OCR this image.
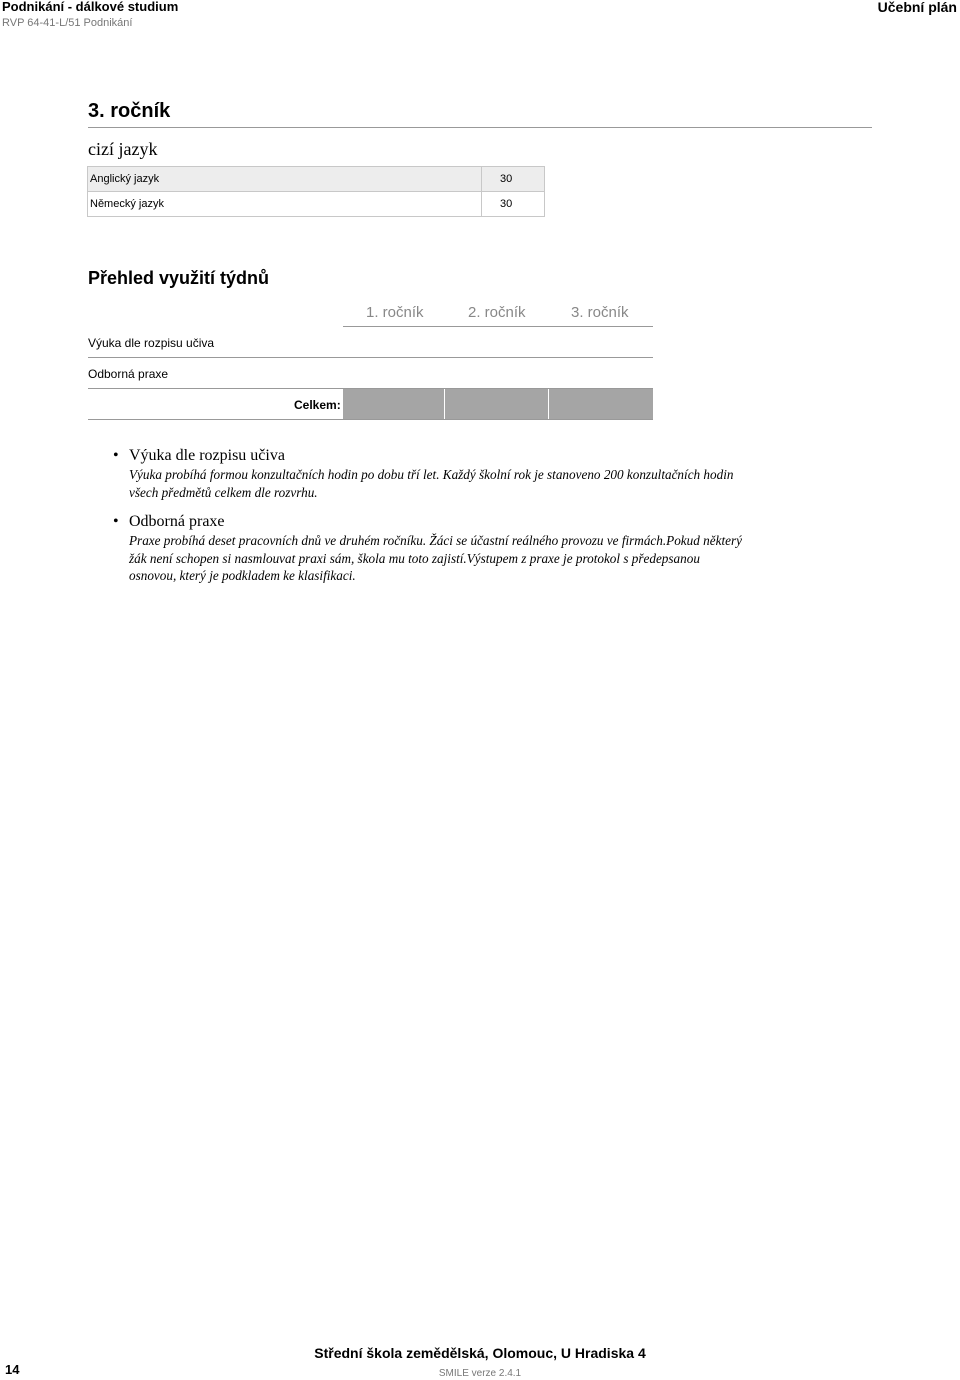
Podnikání - dálkové studium
RVP 64-41-L/51 Podnikání
Učební plán
3. ročník
cizí jazyk
Anglický jazyk	30
Německý jazyk	30
Přehled využití týdnů
1. ročník	2. ročník	3. ročník
Výuka dle rozpisu učiva
Odborná praxe
Celkem:
• Výuka dle rozpisu učiva
Výuka probíhá formou konzultačních hodin po dobu tří let. Každý školní rok je stanoveno 200 konzultačních hodin všech předmětů celkem dle rozvrhu.
• Odborná praxe
Praxe probíhá deset pracovních dnů ve druhém ročníku. Žáci se účastní reálného provozu ve firmách.Pokud některý žák není schopen si nasmlouvat praxi sám, škola mu toto zajistí.Výstupem z praxe je protokol s předepsanou osnovou, který je podkladem ke klasifikaci.
Střední škola zemědělská, Olomouc, U Hradiska 4
SMILE verze 2.4.1
14
